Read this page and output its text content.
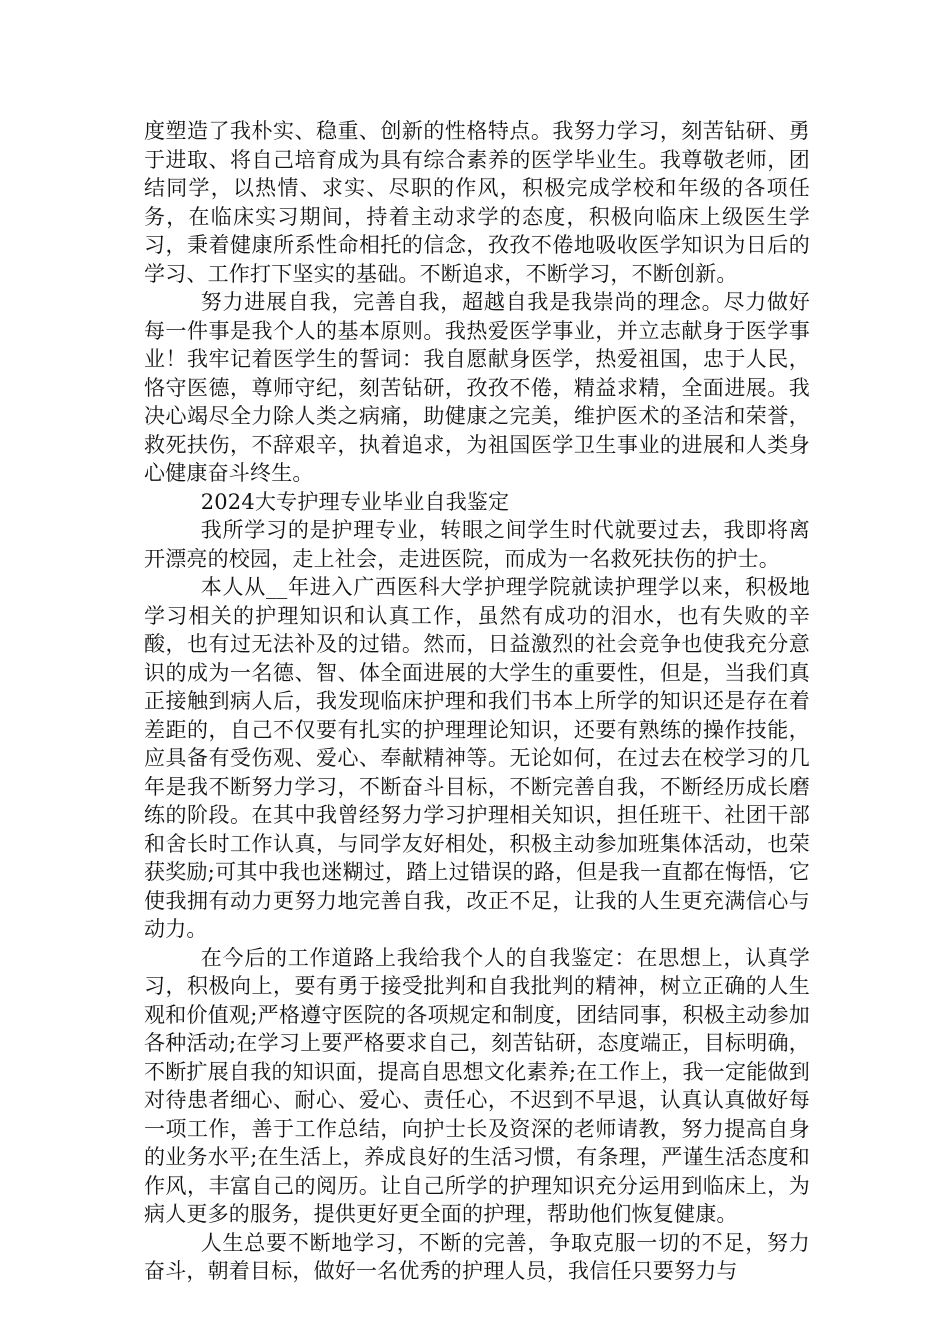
度塑造了我朴实、稳重、创新的性格特点。我努力学习，刻苦钻研、勇于进取、将自己培育成为具有综合素养的医学毕业生。我尊敬老师，团结同学，以热情、求实、尽职的作风，积极完成学校和年级的各项任务，在临床实习期间，持着主动求学的态度，积极向临床上级医生学习，秉着健康所系性命相托的信念，孜孜不倦地吸收医学知识为日后的学习、工作打下坚实的基础。不断追求，不断学习，不断创新。

努力进展自我，完善自我，超越自我是我崇尚的理念。尽力做好每一件事是我个人的基本原则。我热爱医学事业，并立志献身于医学事业！我牢记着医学生的誓词：我自愿献身医学，热爱祖国，忠于人民，恪守医德，尊师守纪，刻苦钻研，孜孜不倦，精益求精，全面进展。我决心竭尽全力除人类之病痛，助健康之完美，维护医术的圣洁和荣誉，救死扶伤，不辞艰辛，执着追求，为祖国医学卫生事业的进展和人类身心健康奋斗终生。

2024大专护理专业毕业自我鉴定

我所学习的是护理专业，转眼之间学生时代就要过去，我即将离开漂亮的校园，走上社会，走进医院，而成为一名救死扶伤的护士。

本人从__年进入广西医科大学护理学院就读护理学以来，积极地学习相关的护理知识和认真工作，虽然有成功的泪水，也有失败的辛酸，也有过无法补及的过错。然而，日益激烈的社会竞争也使我充分意识的成为一名德、智、体全面进展的大学生的重要性，但是，当我们真正接触到病人后，我发现临床护理和我们书本上所学的知识还是存在着差距的，自己不仅要有扎实的护理理论知识，还要有熟练的操作技能，应具备有受伤观、爱心、奉献精神等。无论如何，在过去在校学习的几年是我不断努力学习，不断奋斗目标，不断完善自我，不断经历成长磨练的阶段。在其中我曾经努力学习护理相关知识，担任班干、社团干部和舍长时工作认真，与同学友好相处，积极主动参加班集体活动，也荣获奖励;可其中我也迷糊过，踏上过错误的路，但是我一直都在悔悟，它使我拥有动力更努力地完善自我，改正不足，让我的人生更充满信心与动力。

在今后的工作道路上我给我个人的自我鉴定：在思想上，认真学习，积极向上，要有勇于接受批判和自我批判的精神，树立正确的人生观和价值观;严格遵守医院的各项规定和制度，团结同事，积极主动参加各种活动;在学习上要严格要求自己，刻苦钻研，态度端正，目标明确，不断扩展自我的知识面，提高自思想文化素养;在工作上，我一定能做到对待患者细心、耐心、爱心、责任心，不迟到不早退，认真认真做好每一项工作，善于工作总结，向护士长及资深的老师请教，努力提高自身的业务水平;在生活上，养成良好的生活习惯，有条理，严谨生活态度和作风，丰富自己的阅历。让自己所学的护理知识充分运用到临床上，为病人更多的服务，提供更好更全面的护理，帮助他们恢复健康。

人生总要不断地学习，不断的完善，争取克服一切的不足，努力奋斗，朝着目标，做好一名优秀的护理人员，我信任只要努力与
